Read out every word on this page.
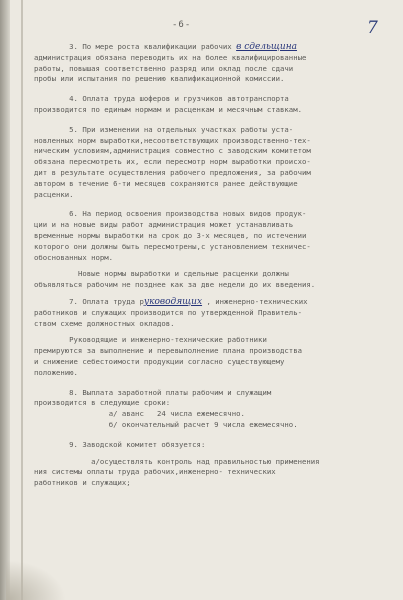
7
-6-

3. По мере роста квалификации рабочих в сдельщина

администрация обязана переводить их на более квалифицированные

работы, повышая соответственно разряд или оклад после сдачи

пробы или испытания по решению квалификационной комиссии.

4. Оплата труда шоферов и грузчиков автотранспорта

производится по единым нормам и расценкам и месячным ставкам.

5. При изменении на отдельных участках работы уста-

новленных норм выработки,несоответствующих производственно-тех-

ническим условиям,администрация совместно с заводским комитетом

обязана пересмотреть их, если пересмотр норм выработки происхо-

дит в результате осуществления рабочего предложения, за рабочим

автором в течение 6-ти месяцев сохраняются ранее действующие

расценки.

6. На период освоения производства новых видов продук-

ции и на новые виды работ администрация может устанавливать

временные нормы выработки на срок до 3-х месяцев, по истечении

которого они должны быть пересмотрены,с установлением техничес-

обоснованных норм.

Новые нормы выработки и сдельные расценки должны

объявляться рабочим не позднее как за две недели до их введения.

7. Оплата труда руководящих , инженерно-технических

работников и служащих производится по утвержденной Правитель-

ством схеме должностных окладов.

Руководящие и инженерно-технические работники

премируются за выполнение и перевыполнение плана производства

и снижение себестоимости продукции согласно существующему

положению.

8. Выплата заработной платы рабочим и служащим

производится в следующие сроки:

а/ аванс   24 числа ежемесячно.

б/ окончательный расчет 9 числа ежемесячно.

9. Заводской комитет обязуется:

а/осуществлять контроль над правильностью применения

ния системы оплаты труда рабочих,инженерно- технических

работников и служащих;
